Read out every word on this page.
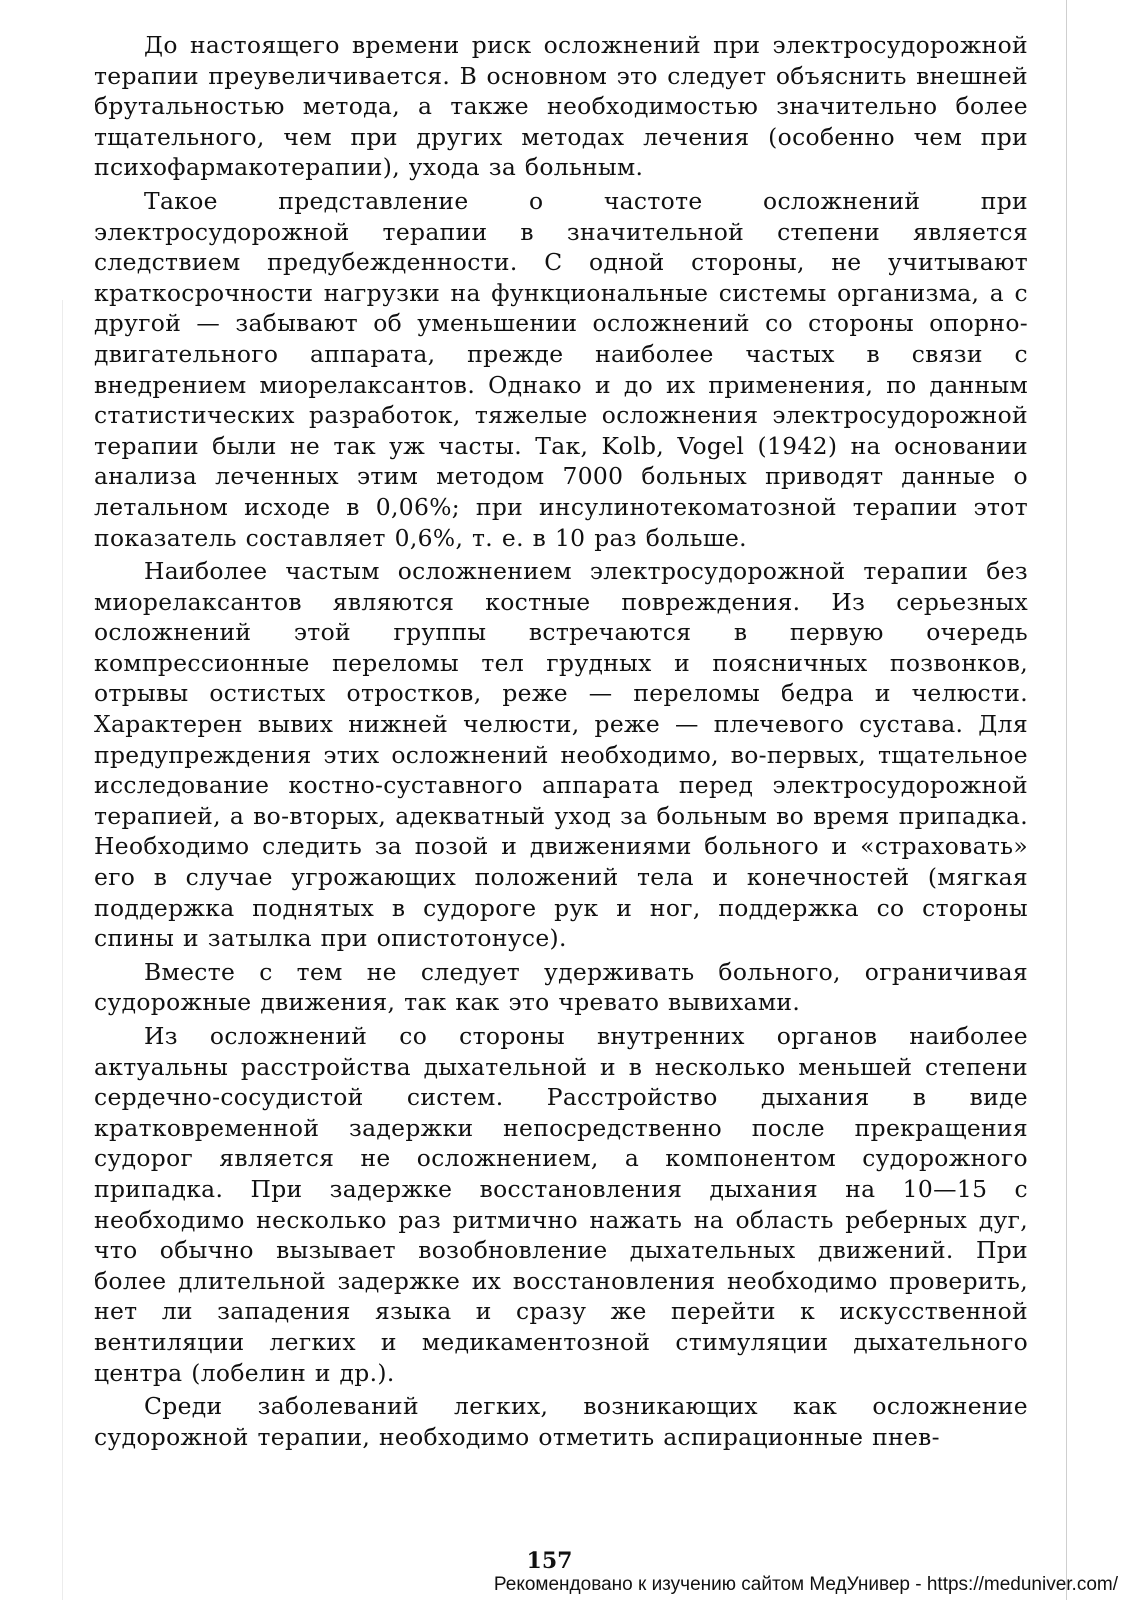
До настоящего времени риск осложнений при электросудорожной терапии преувеличивается. В основном это следует объяснить внешней брутальностью метода, а также необходимостью значительно более тщательного, чем при других методах лечения (особенно чем при психофармакотерапии), ухода за больным.

Такое представление о частоте осложнений при электросудорожной терапии в значительной степени является следствием предубежденности. С одной стороны, не учитывают краткосрочности нагрузки на функциональные системы организма, а с другой — забывают об уменьшении осложнений со стороны опорно-двигательного аппарата, прежде наиболее частых в связи с внедрением миорелаксантов. Однако и до их применения, по данным статистических разработок, тяжелые осложнения электросудорожной терапии были не так уж часты. Так, Kolb, Vogel (1942) на основании анализа леченных этим методом 7000 больных приводят данные о летальном исходе в 0,06%; при инсулинотекоматозной терапии этот показатель составляет 0,6%, т. е. в 10 раз больше.

Наиболее частым осложнением электросудорожной терапии без миорелаксантов являются костные повреждения. Из серьезных осложнений этой группы встречаются в первую очередь компрессионные переломы тел грудных и поясничных позвонков, отрывы остистых отростков, реже — переломы бедра и челюсти. Характерен вывих нижней челюсти, реже — плечевого сустава. Для предупреждения этих осложнений необходимо, во-первых, тщательное исследование костно-суставного аппарата перед электросудорожной терапией, а во-вторых, адекватный уход за больным во время припадка. Необходимо следить за позой и движениями больного и «страховать» его в случае угрожающих положений тела и конечностей (мягкая поддержка поднятых в судороге рук и ног, поддержка со стороны спины и затылка при опистотонусе).

Вместе с тем не следует удерживать больного, ограничивая судорожные движения, так как это чревато вывихами.

Из осложнений со стороны внутренних органов наиболее актуальны расстройства дыхательной и в несколько меньшей степени сердечно-сосудистой систем. Расстройство дыхания в виде кратковременной задержки непосредственно после прекращения судорог является не осложнением, а компонентом судорожного припадка. При задержке восстановления дыхания на 10—15 с необходимо несколько раз ритмично нажать на область реберных дуг, что обычно вызывает возобновление дыхательных движений. При более длительной задержке их восстановления необходимо проверить, нет ли западения языка и сразу же перейти к искусственной вентиляции легких и медикаментозной стимуляции дыхательного центра (лобелин и др.).

Среди заболеваний легких, возникающих как осложнение судорожной терапии, необходимо отметить аспирационные пнев-

157
Рекомендовано к изучению сайтом МедУнивер - https://meduniver.com/
